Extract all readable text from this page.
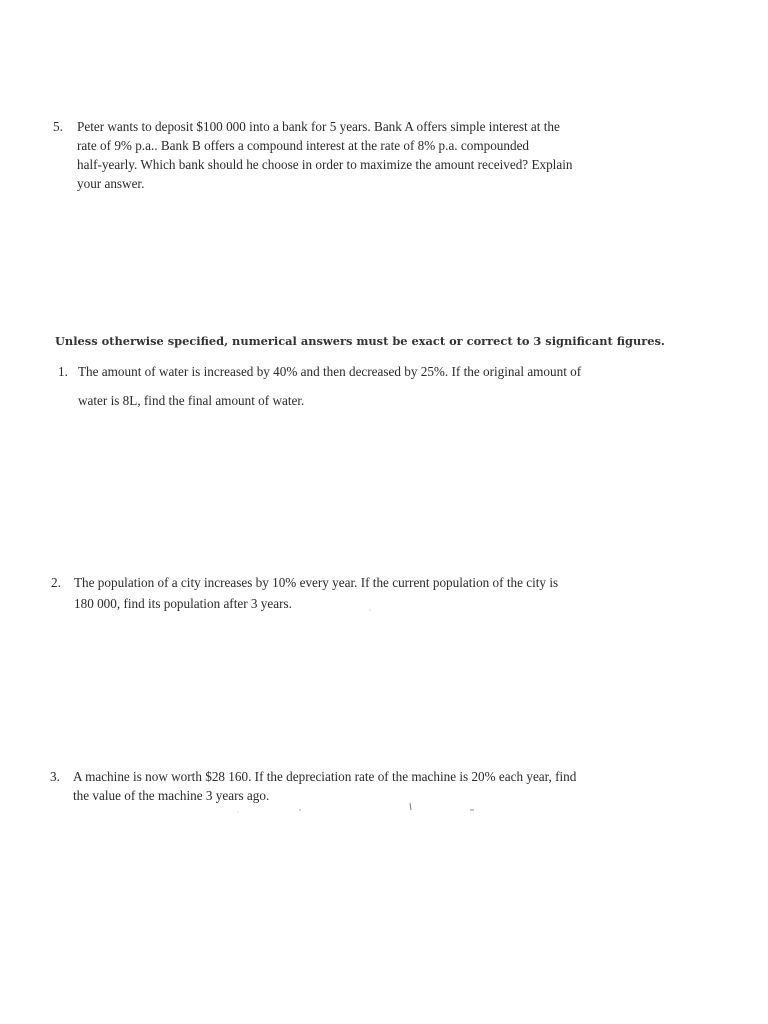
5. Peter wants to deposit $100 000 into a bank for 5 years. Bank A offers simple interest at the
rate of 9% p.a.. Bank B offers a compound interest at the rate of 8% p.a. compounded
half-yearly. Which bank should he choose in order to maximize the amount received? Explain
your answer.
Unless otherwise specified, numerical answers must be exact or correct to 3 significant figures.
1. The amount of water is increased by 40% and then decreased by 25%. If the original amount of
water is 8L, find the final amount of water.
2. The population of a city increases by 10% every year. If the current population of the city is
180 000, find its population after 3 years.
3. A machine is now worth $28 160. If the depreciation rate of the machine is 20% each year, find
the value of the machine 3 years ago.
